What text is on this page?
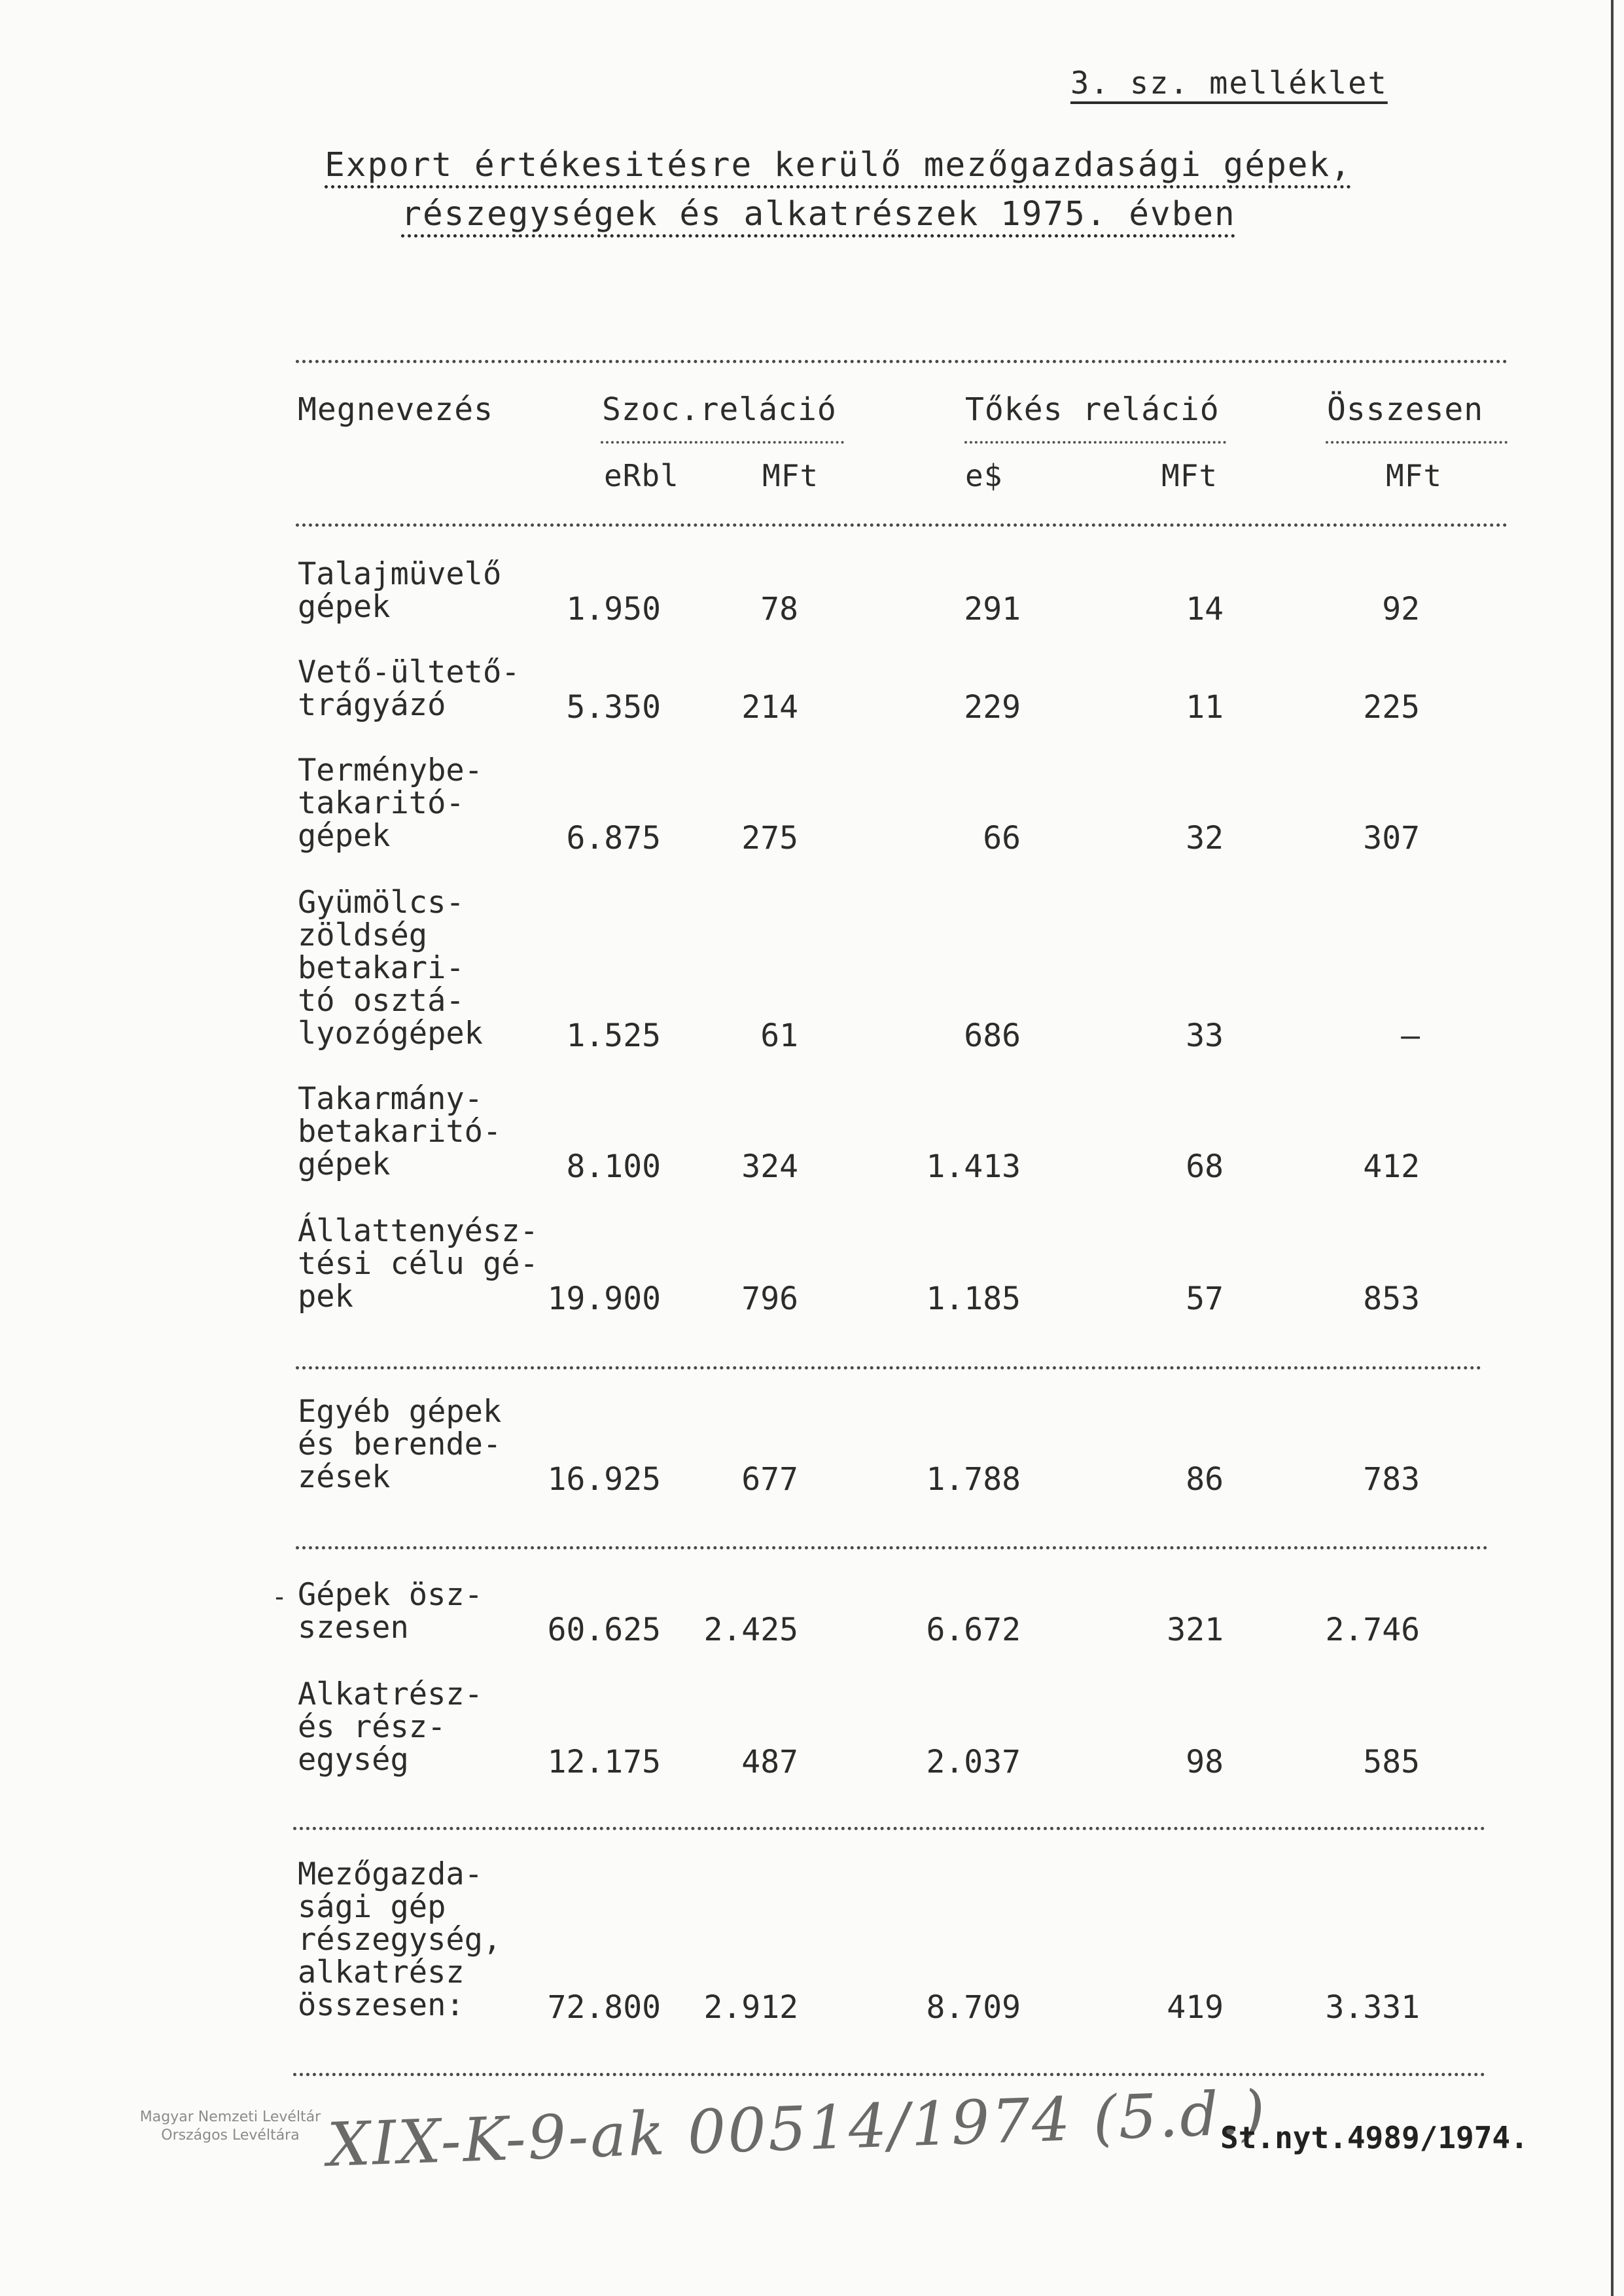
3. sz. melléklet
Export értékesitésre kerülő mezőgazdasági gépek,
részegységek és alkatrészek 1975. évben
Megnevezés	Szoc.reláció	Tőkés reláció	Összesen
eRbl	MFt	e$	MFt	MFt
Talajmüvelő
gépek	1.950	78	291	14	92
Vető-ültető-
trágyázó	5.350	214	229	11	225
Terménybe-
takaritó-
gépek	6.875	275	66	32	307
Gyümölcs-
zöldség
betakari-
tó osztá-
lyozógépek	1.525	61	686	33	–
Takarmány-
betakaritó-
gépek	8.100	324	1.413	68	412
Állattenyész-
tési célu gé-
pek	19.900	796	1.185	57	853
Egyéb gépek
és berende-
zések	16.925	677	1.788	86	783
- Gépek ösz-
szesen	60.625	2.425	6.672	321	2.746
Alkatrész-
és rész-
egység	12.175	487	2.037	98	585
Mezőgazda-
sági gép
részegység,
alkatrész
összesen:	72.800	2.912	8.709	419	3.331
Magyar Nemzeti Levéltár
Országos Levéltára XIX-K-9-ak 00514/1974 (5.d.)
St.nyt.4989/1974.
